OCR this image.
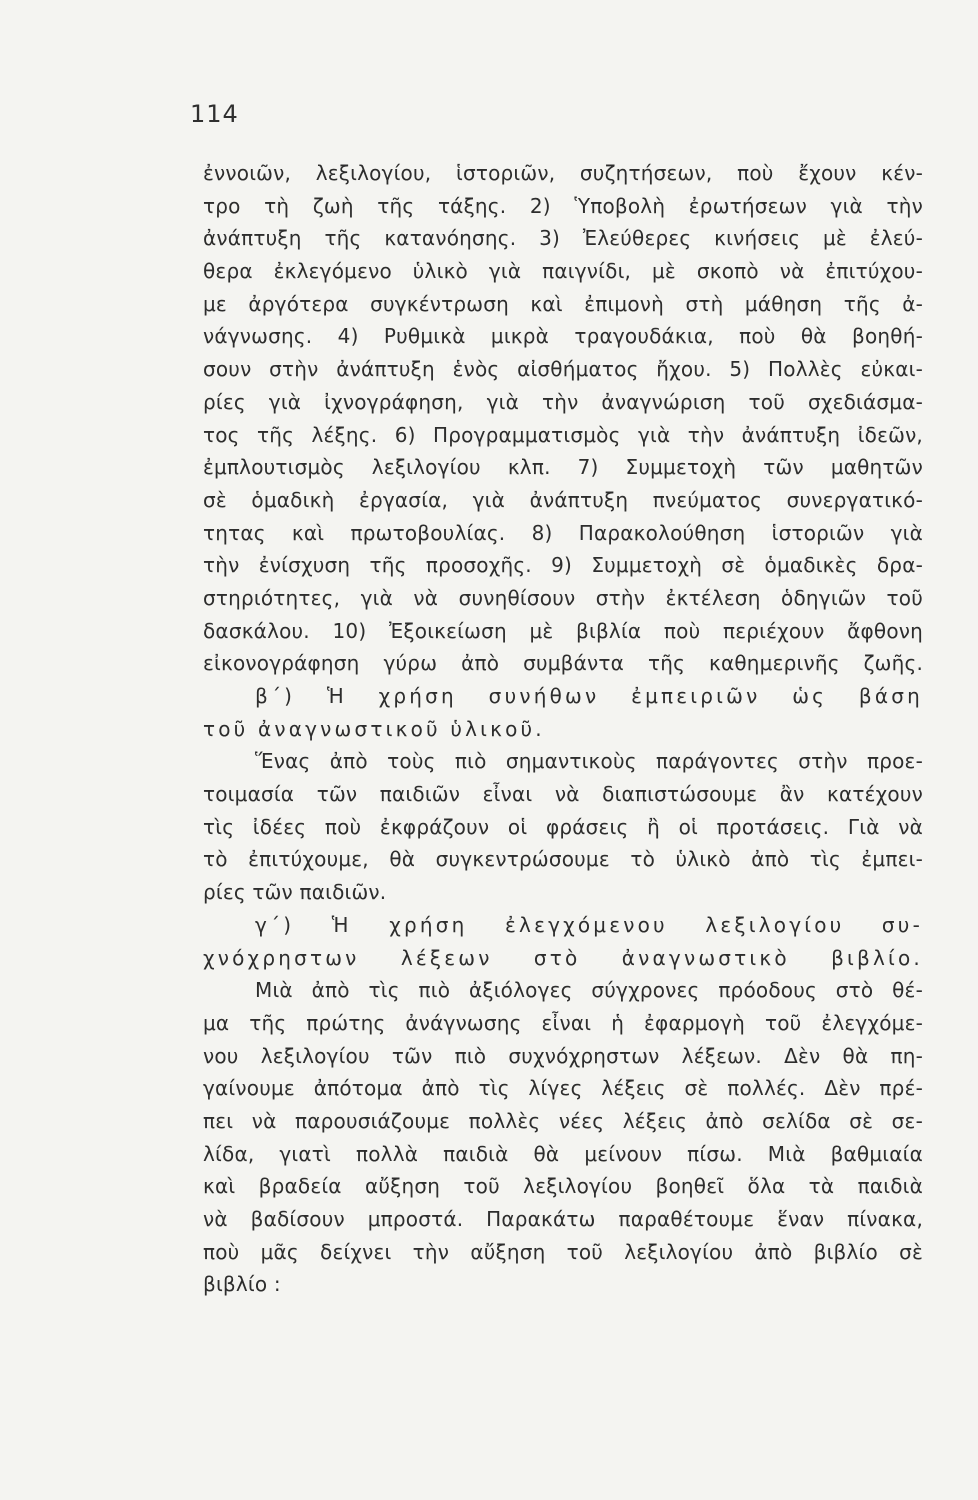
114
ἐννοιῶν, λεξιλογίου, ἱστοριῶν, συζητήσεων, ποὺ ἔχουν κέν-
τρο τὴ ζωὴ τῆς τάξης. 2) Ὑποβολὴ ἐρωτήσεων γιὰ τὴν
ἀνάπτυξη τῆς κατανόησης. 3) Ἐλεύθερες κινήσεις μὲ ἐλεύ-
θερα ἐκλεγόμενο ὑλικὸ γιὰ παιγνίδι, μὲ σκοπὸ νὰ ἐπιτύχου-
με ἀργότερα συγκέντρωση καὶ ἐπιμονὴ στὴ μάθηση τῆς ἀ-
νάγνωσης. 4) Ρυθμικὰ μικρὰ τραγουδάκια, ποὺ θὰ βοηθή-
σουν στὴν ἀνάπτυξη ἑνὸς αἰσθήματος ἤχου. 5) Πολλὲς εὐκαι-
ρίες γιὰ ἰχνογράφηση, γιὰ τὴν ἀναγνώριση τοῦ σχεδιάσμα-
τος τῆς λέξης. 6) Προγραμματισμὸς γιὰ τὴν ἀνάπτυξη ἰδεῶν,
ἐμπλουτισμὸς λεξιλογίου κλπ. 7) Συμμετοχὴ τῶν μαθητῶν
σὲ ὁμαδικὴ ἐργασία, γιὰ ἀνάπτυξη πνεύματος συνεργατικό-
τητας καὶ πρωτοβουλίας. 8) Παρακολούθηση ἱστοριῶν γιὰ
τὴν ἐνίσχυση τῆς προσοχῆς. 9) Συμμετοχὴ σὲ ὁμαδικὲς δρα-
στηριότητες, γιὰ νὰ συνηθίσουν στὴν ἐκτέλεση ὁδηγιῶν τοῦ
δασκάλου. 10) Ἐξοικείωση μὲ βιβλία ποὺ περιέχουν ἄφθονη
εἰκονογράφηση γύρω ἀπὸ συμβάντα τῆς καθημερινῆς ζωῆς.
β΄) Ἡ χρήση συνήθων ἐμπειριῶν ὡς βάση
τοῦ ἀναγνωστικοῦ ὑλικοῦ.
Ἕνας ἀπὸ τοὺς πιὸ σημαντικοὺς παράγοντες στὴν προε-
τοιμασία τῶν παιδιῶν εἶναι νὰ διαπιστώσουμε ἂν κατέχουν
τὶς ἰδέες ποὺ ἐκφράζουν οἱ φράσεις ἢ οἱ προτάσεις. Γιὰ νὰ
τὸ ἐπιτύχουμε, θὰ συγκεντρώσουμε τὸ ὑλικὸ ἀπὸ τὶς ἐμπει-
ρίες τῶν παιδιῶν.
γ΄) Ἡ χρήση ἐλεγχόμενου λεξιλογίου συ-
χνόχρηστων λέξεων στὸ ἀναγνωστικὸ βιβλίο.
Μιὰ ἀπὸ τὶς πιὸ ἀξιόλογες σύγχρονες πρόοδους στὸ θέ-
μα τῆς πρώτης ἀνάγνωσης εἶναι ἡ ἐφαρμογὴ τοῦ ἐλεγχόμε-
νου λεξιλογίου τῶν πιὸ συχνόχρηστων λέξεων. Δὲν θὰ πη-
γαίνουμε ἀπότομα ἀπὸ τὶς λίγες λέξεις σὲ πολλές. Δὲν πρέ-
πει νὰ παρουσιάζουμε πολλὲς νέες λέξεις ἀπὸ σελίδα σὲ σε-
λίδα, γιατὶ πολλὰ παιδιὰ θὰ μείνουν πίσω. Μιὰ βαθμιαία
καὶ βραδεία αὔξηση τοῦ λεξιλογίου βοηθεῖ ὅλα τὰ παιδιὰ
νὰ βαδίσουν μπροστά. Παρακάτω παραθέτουμε ἕναν πίνακα,
ποὺ μᾶς δείχνει τὴν αὔξηση τοῦ λεξιλογίου ἀπὸ βιβλίο σὲ
βιβλίο :
